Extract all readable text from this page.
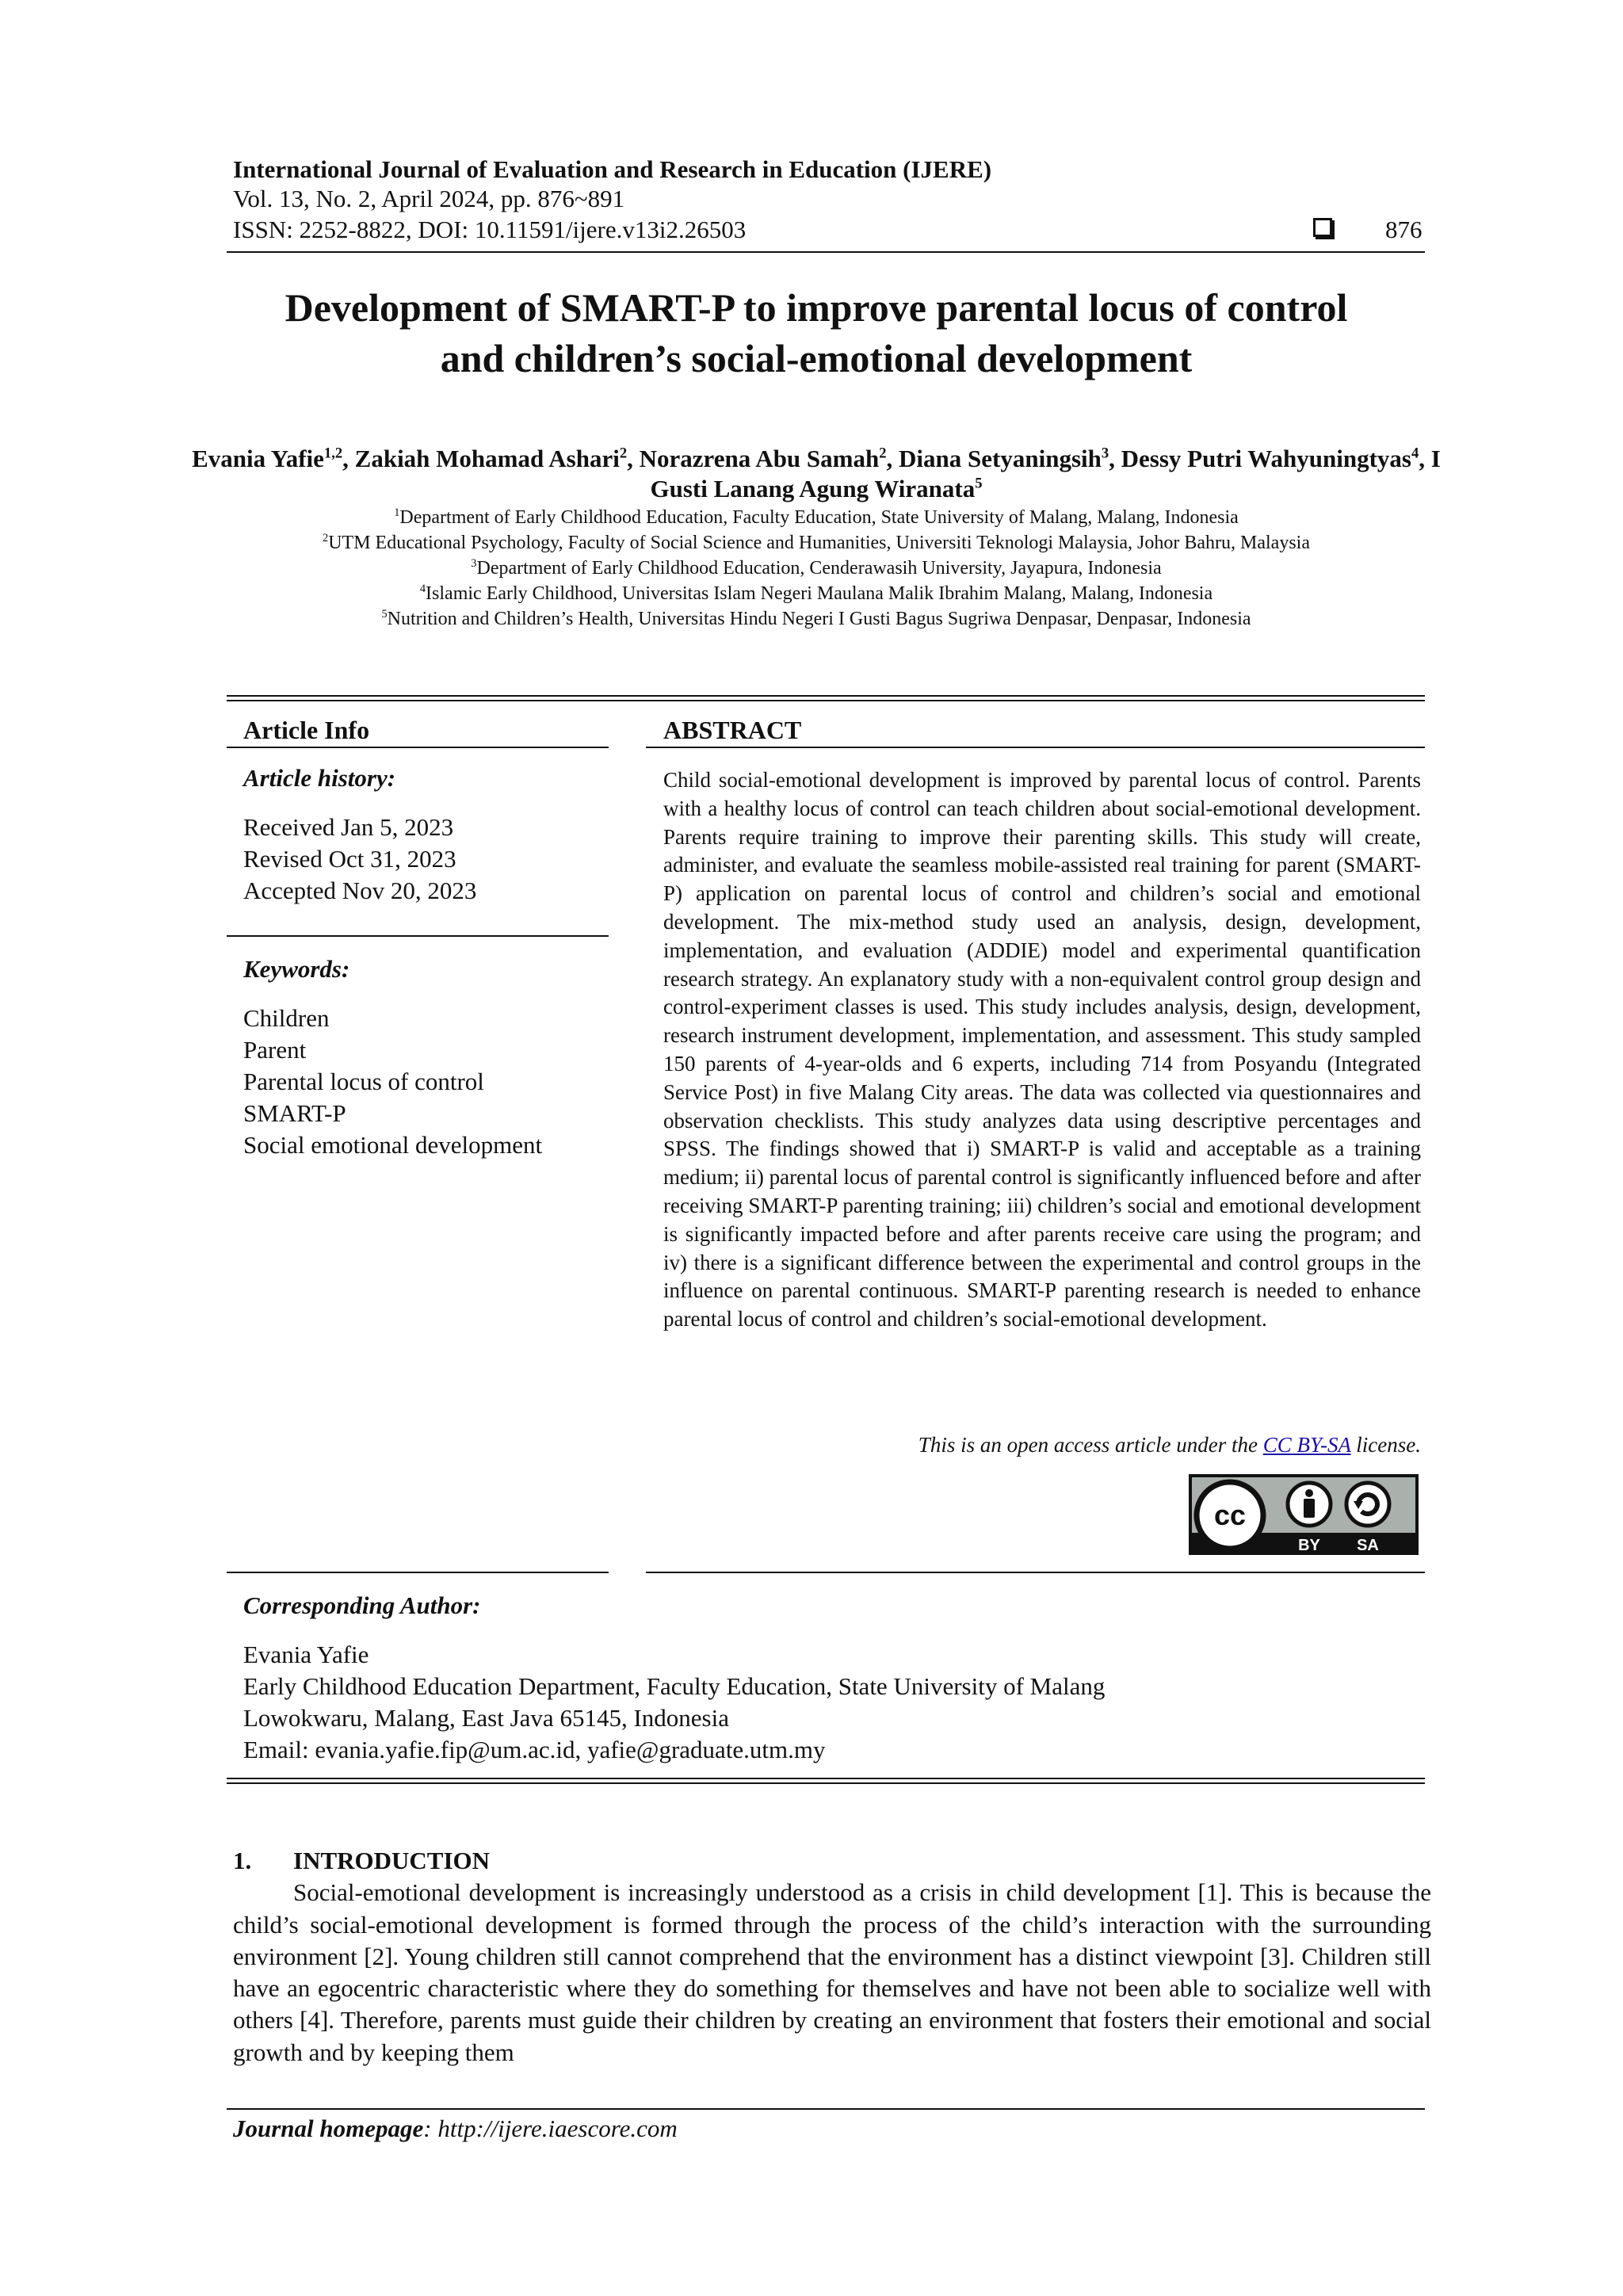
International Journal of Evaluation and Research in Education (IJERE)
Vol. 13, No. 2, April 2024, pp. 876~891
ISSN: 2252-8822, DOI: 10.11591/ijere.v13i2.26503	876
Development of SMART-P to improve parental locus of control
and children’s social-emotional development
Evania Yafie$^{1,2}$, Zakiah Mohamad Ashari$^2$, Norazrena Abu Samah$^2$, Diana Setyaningsih$^3$, Dessy Putri Wahyuningtyas$^4$, I Gusti Lanang Agung Wiranata$^5$
$^1$Department of Early Childhood Education, Faculty Education, State University of Malang, Malang, Indonesia
$^2$UTM Educational Psychology, Faculty of Social Science and Humanities, Universiti Teknologi Malaysia, Johor Bahru, Malaysia
$^3$Department of Early Childhood Education, Cenderawasih University, Jayapura, Indonesia
$^4$Islamic Early Childhood, Universitas Islam Negeri Maulana Malik Ibrahim Malang, Malang, Indonesia
$^5$Nutrition and Children’s Health, Universitas Hindu Negeri I Gusti Bagus Sugriwa Denpasar, Denpasar, Indonesia
Article Info
Article history:
Received Jan 5, 2023
Revised Oct 31, 2023
Accepted Nov 20, 2023
Keywords:
Children
Parent
Parental locus of control
SMART-P
Social emotional development
ABSTRACT
Child social-emotional development is improved by parental locus of control. Parents with a healthy locus of control can teach children about social-emotional development. Parents require training to improve their parenting skills. This study will create, administer, and evaluate the seamless mobile-assisted real training for parent (SMART-P) application on parental locus of control and children’s social and emotional development. The mix-method study used an analysis, design, development, implementation, and evaluation (ADDIE) model and experimental quantification research strategy. An explanatory study with a non-equivalent control group design and control-experiment classes is used. This study includes analysis, design, development, research instrument development, implementation, and assessment. This study sampled 150 parents of 4-year-olds and 6 experts, including 714 from Posyandu (Integrated Service Post) in five Malang City areas. The data was collected via questionnaires and observation checklists. This study analyzes data using descriptive percentages and SPSS. The findings showed that i) SMART-P is valid and acceptable as a training medium; ii) parental locus of parental control is significantly influenced before and after receiving SMART-P parenting training; iii) children’s social and emotional development is significantly impacted before and after parents receive care using the program; and iv) there is a significant difference between the experimental and control groups in the influence on parental continuous. SMART-P parenting research is needed to enhance parental locus of control and children’s social-emotional development.
This is an open access article under the CC BY-SA license.
cc
BY SA
Corresponding Author:
Evania Yafie
Early Childhood Education Department, Faculty Education, State University of Malang
Lowokwaru, Malang, East Java 65145, Indonesia
Email: evania.yafie.fip@um.ac.id, yafie@graduate.utm.my
1. INTRODUCTION

Social-emotional development is increasingly understood as a crisis in child development [1]. This is because the child’s social-emotional development is formed through the process of the child’s interaction with the surrounding environment [2]. Young children still cannot comprehend that the environment has a distinct viewpoint [3]. Children still have an egocentric characteristic where they do something for themselves and have not been able to socialize well with others [4]. Therefore, parents must guide their children by creating an environment that fosters their emotional and social growth and by keeping them

Journal homepage: http://ijere.iaescore.com
